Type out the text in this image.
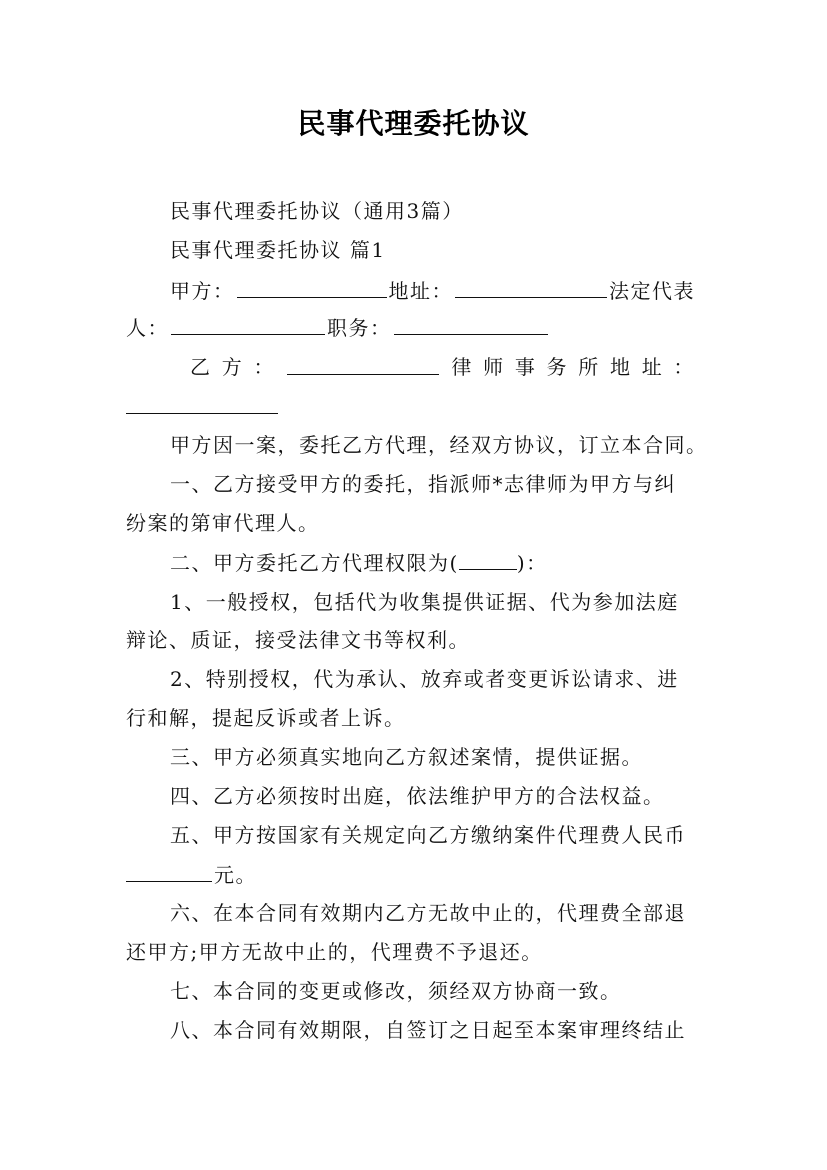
民事代理委托协议
民事代理委托协议（通用3篇）
民事代理委托协议 篇1
甲方：	地址：	法定代表
人：	职务：
乙 方 ：	律 师 事 务 所 地 址 ：
甲方因一案，委托乙方代理，经双方协议，订立本合同。
一、乙方接受甲方的委托，指派师*志律师为甲方与纠
纷案的第审代理人。
二、甲方委托乙方代理权限为(	)：
1、一般授权，包括代为收集提供证据、代为参加法庭
辩论、质证，接受法律文书等权利。
2、特别授权，代为承认、放弃或者变更诉讼请求、进
行和解，提起反诉或者上诉。
三、甲方必须真实地向乙方叙述案情，提供证据。
四、乙方必须按时出庭，依法维护甲方的合法权益。
五、甲方按国家有关规定向乙方缴纳案件代理费人民币
元。
六、在本合同有效期内乙方无故中止的，代理费全部退
还甲方;甲方无故中止的，代理费不予退还。
七、本合同的变更或修改，须经双方协商一致。
八、本合同有效期限，自签订之日起至本案审理终结止
